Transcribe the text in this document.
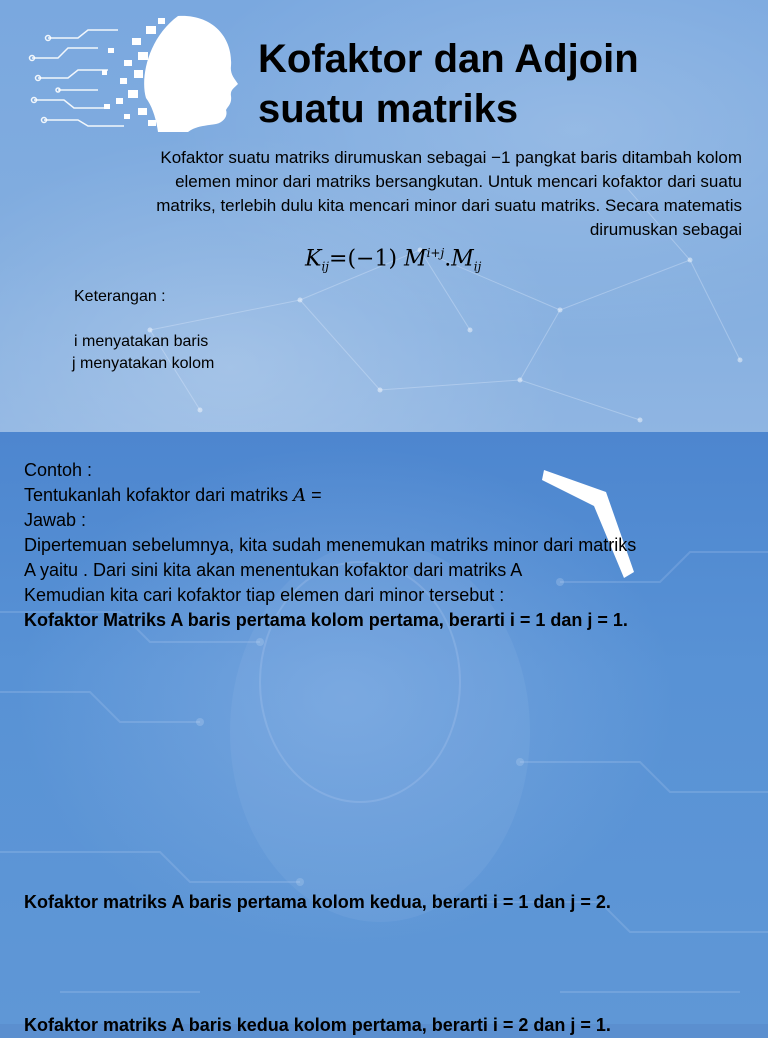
Kofaktor dan Adjoin
suatu matriks
Kofaktor suatu matriks dirumuskan sebagai −1 pangkat baris ditambah kolom
elemen minor dari matriks bersangkutan. Untuk mencari kofaktor dari suatu
matriks, terlebih dulu kita mencari minor dari suatu matriks. Secara matematis
dirumuskan sebagai
$K_{ij}=(-1)$ $M^{i+j}.M_{ij}$
Keterangan :
i menyatakan baris
j menyatakan kolom
Contoh :
Tentukanlah kofaktor dari matriks A =
Jawab :
Dipertemuan sebelumnya, kita sudah menemukan matriks minor dari matriks
A yaitu . Dari sini kita akan menentukan kofaktor dari matriks A
Kemudian kita cari kofaktor tiap elemen dari minor tersebut :
Kofaktor Matriks A baris pertama kolom pertama, berarti i = 1 dan j = 1.
Kofaktor matriks A baris pertama kolom kedua, berarti i = 1 dan j = 2.
Kofaktor matriks A baris kedua kolom pertama, berarti i = 2 dan j = 1.
